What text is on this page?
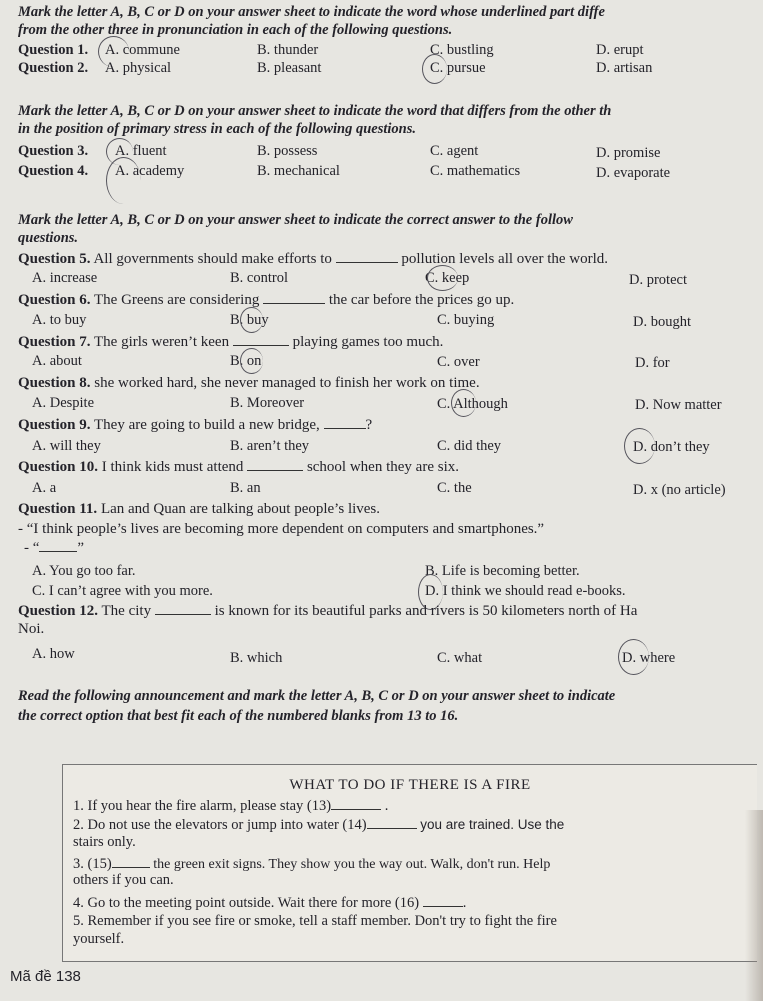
Mark the letter A, B, C or D on your answer sheet to indicate the word whose underlined part diffe
from the other three in pronunciation in each of the following questions.
Question 1. A. commune	B. thunder	C. bustling	D. erupt
Question 2. A. physical	B. pleasant	C. pursue	D. artisan
Mark the letter A, B, C or D on your answer sheet to indicate the word that differs from the other th
in the position of primary stress in each of the following questions.
Question 3. A. fluent	B. possess	C. agent	D. promise
Question 4. A. academy	B. mechanical	C. mathematics	D. evaporate
Mark the letter A, B, C or D on your answer sheet to indicate the correct answer to the follow
questions.
Question 5. All governments should make efforts to	pollution levels all over the world.
A. increase	B. control	C. keep	D. protect
Question 6. The Greens are considering	the car before the prices go up.
A. to buy	B. buy	C. buying	D. bought
Question 7. The girls weren’t keen	playing games too much.
A. about	B. on	C. over	D. for
Question 8. she worked hard, she never managed to finish her work on time.
A. Despite	B. Moreover	C. Although	D. Now matter
Question 9. They are going to build a new bridge,	?
A. will they	B. aren’t they	C. did they	D. don’t they
Question 10. I think kids must attend	school when they are six.
A. a	B. an	C. the	D. x (no article)
Question 11. Lan and Quan are talking about people’s lives.
- “I think people’s lives are becoming more dependent on computers and smartphones.”
- “	”
A. You go too far.	B. Life is becoming better.
C. I can’t agree with you more.	D. I think we should read e-books.
Question 12. The city	is known for its beautiful parks and rivers is 50 kilometers north of Ha
Noi.
A. how	B. which	C. what	D. where
Read the following announcement and mark the letter A, B, C or D on your answer sheet to indicate
the correct option that best fit each of the numbered blanks from 13 to 16.
WHAT TO DO IF THERE IS A FIRE
1. If you hear the fire alarm, please stay (13)	.
2. Do not use the elevators or jump into water (14)	you are trained. Use the
stairs only.
3. (15)	the green exit signs. They show you the way out. Walk, don't run. Help
others if you can.
4. Go to the meeting point outside. Wait there for more (16)	.
5. Remember if you see fire or smoke, tell a staff member. Don't try to fight the fire
yourself.
Mã đề 138
